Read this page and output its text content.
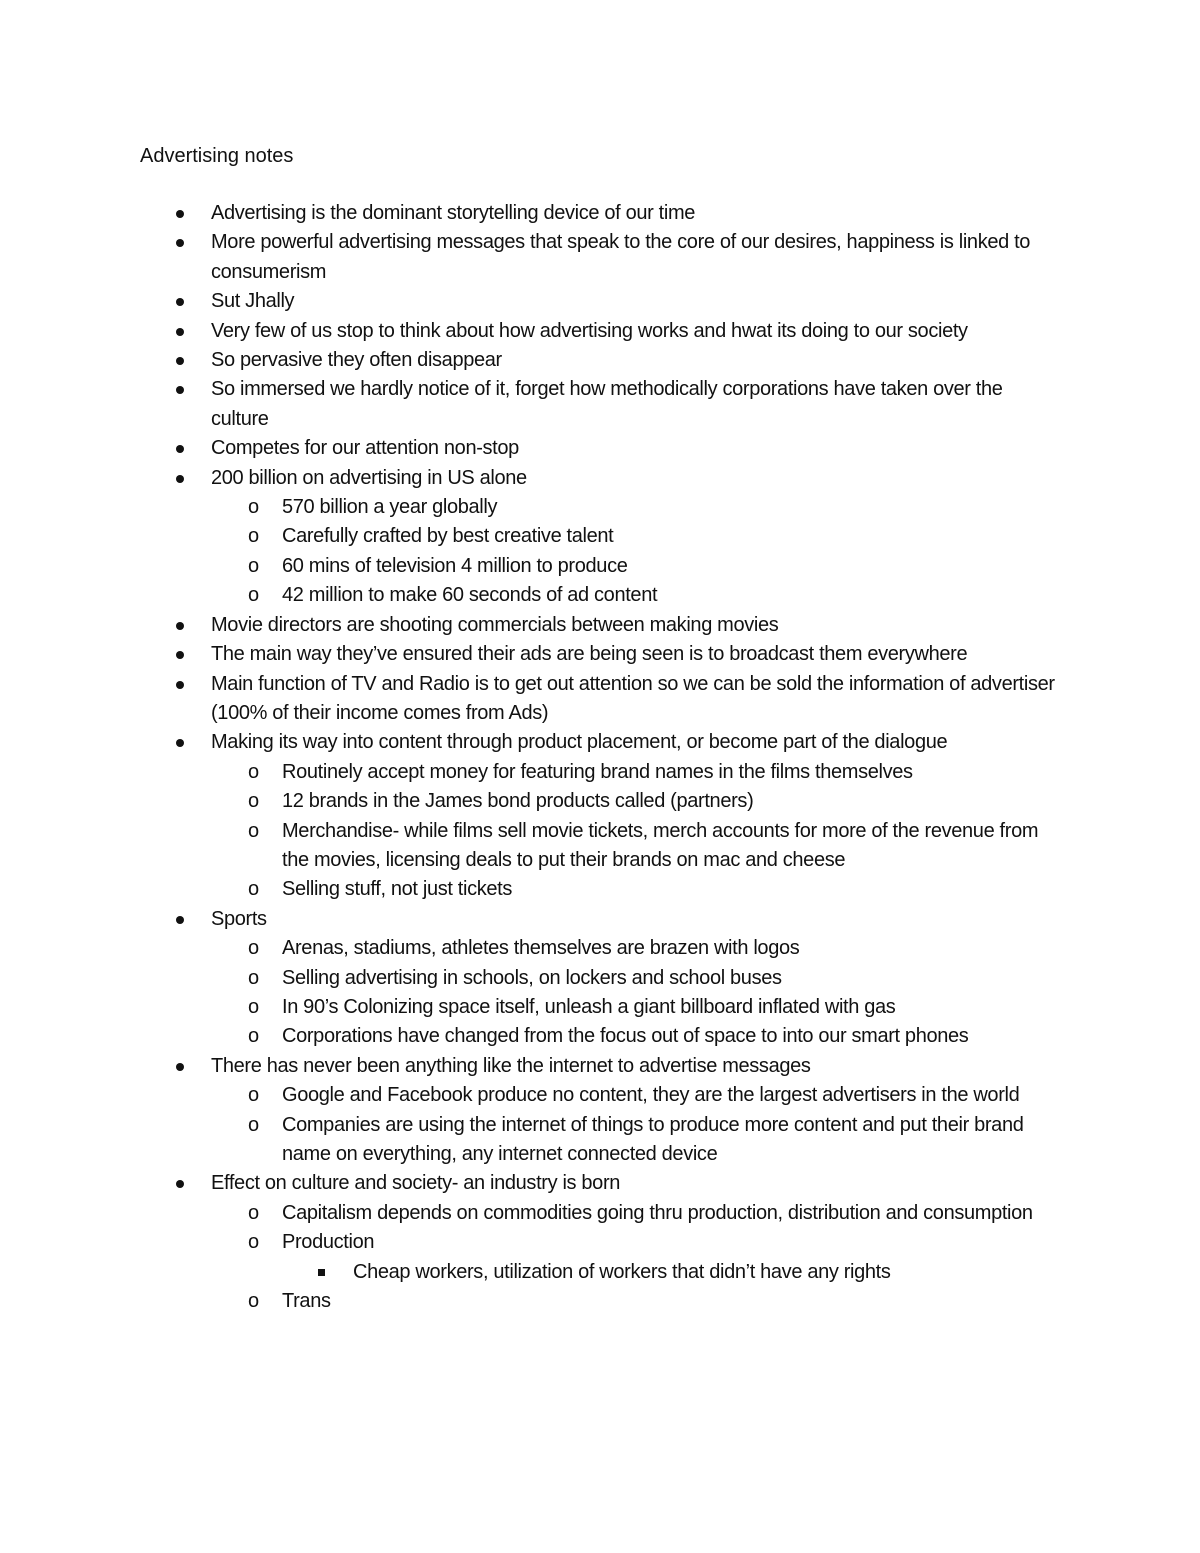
Advertising notes
Advertising is the dominant storytelling device of our time
More powerful advertising messages that speak to the core of our desires, happiness is linked to consumerism
Sut Jhally
Very few of us stop to think about how advertising works and hwat its doing to our society
So pervasive they often disappear
So immersed we hardly notice of it, forget how methodically corporations have taken over the culture
Competes for our attention non-stop
200 billion on advertising in US alone
o 570 billion a year globally
o Carefully crafted by best creative talent
o 60 mins of television 4 million to produce
o 42 million to make 60 seconds of ad content
Movie directors are shooting commercials between making movies
The main way they’ve ensured their ads are being seen is to broadcast them everywhere
Main function of TV and Radio is to get out attention so we can be sold the information of advertiser (100% of their income comes from Ads)
Making its way into content through product placement, or become part of the dialogue
o Routinely accept money for featuring brand names in the films themselves
o 12 brands in the James bond products called (partners)
o Merchandise- while films sell movie tickets, merch accounts for more of the revenue from the movies, licensing deals to put their brands on mac and cheese
o Selling stuff, not just tickets
Sports
o Arenas, stadiums, athletes themselves are brazen with logos
o Selling advertising in schools, on lockers and school buses
o In 90’s Colonizing space itself, unleash a giant billboard inflated with gas
o Corporations have changed from the focus out of space to into our smart phones
There has never been anything like the internet to advertise messages
o Google and Facebook produce no content, they are the largest advertisers in the world
o Companies are using the internet of things to produce more content and put their brand name on everything, any internet connected device
Effect on culture and society- an industry is born
o Capitalism depends on commodities going thru production, distribution and consumption
o Production
Cheap workers, utilization of workers that didn’t have any rights
o Trans
